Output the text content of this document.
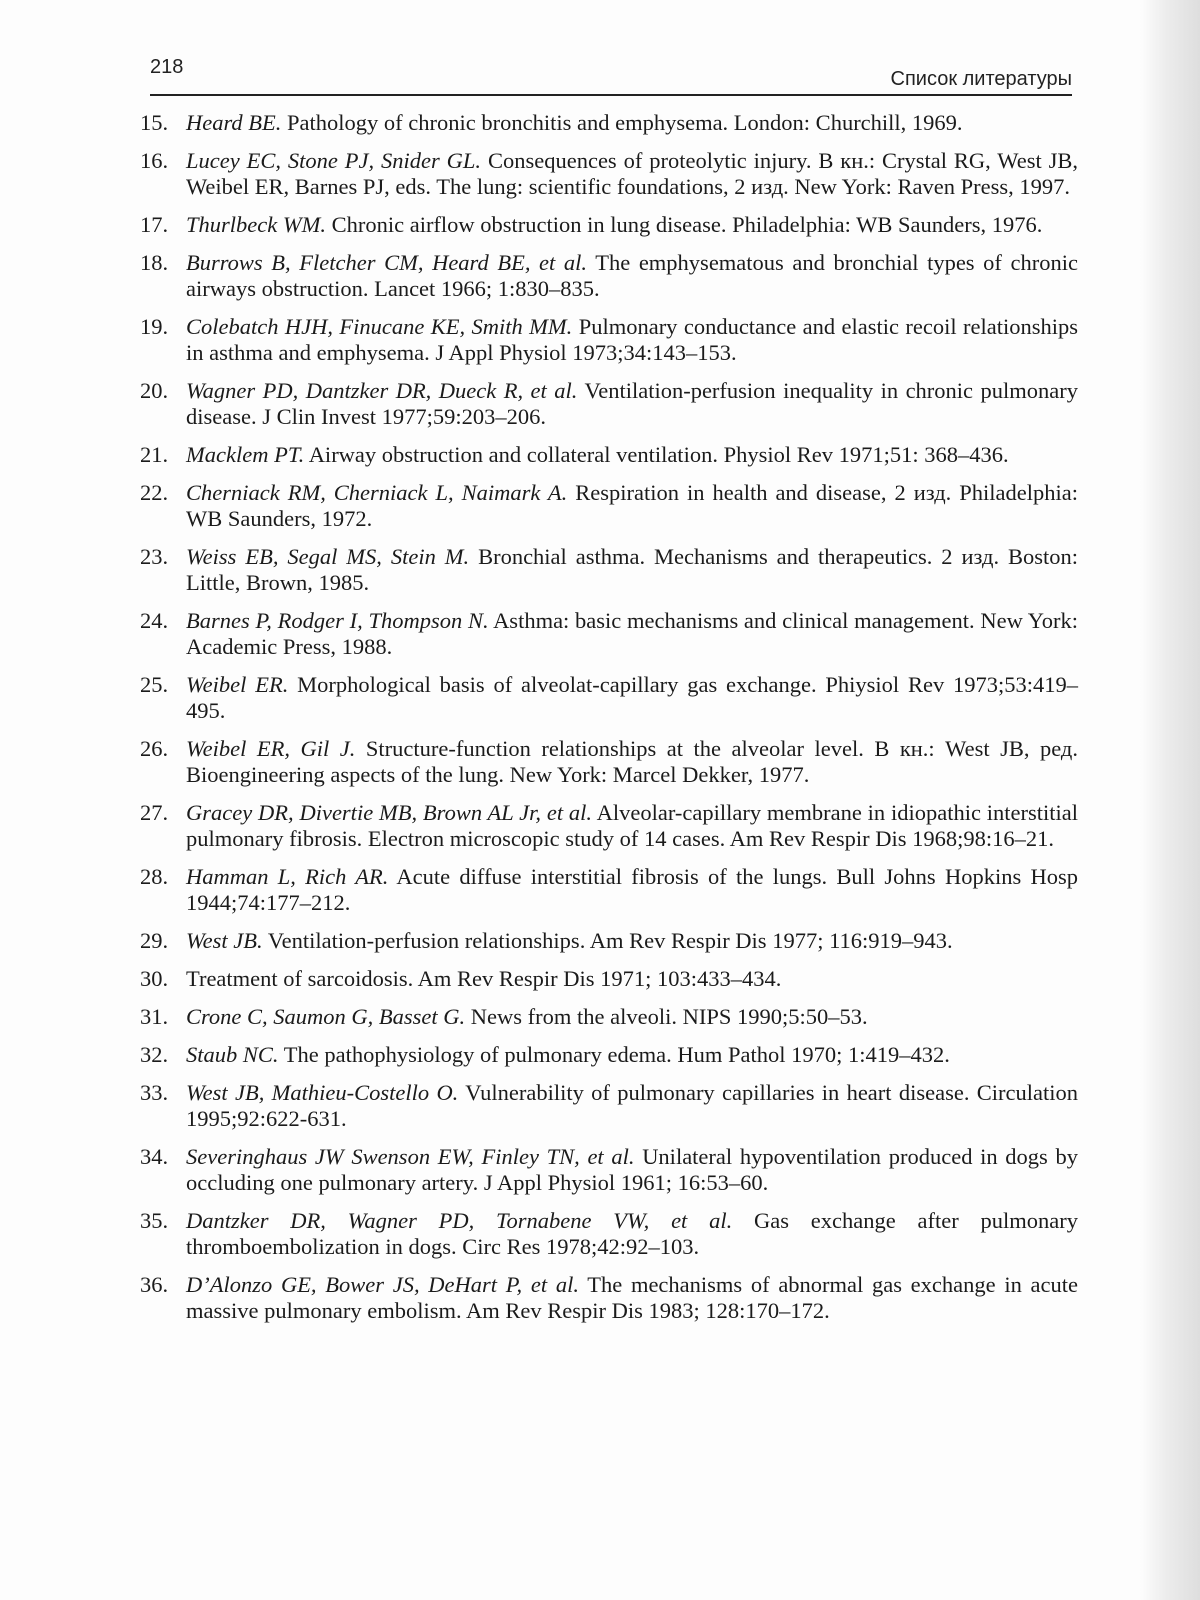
218
Список литературы
15. Heard BE. Pathology of chronic bronchitis and emphysema. London: Churchill, 1969.
16. Lucey EC, Stone PJ, Snider GL. Consequences of proteolytic injury. В кн.: Crystal RG, West JB, Weibel ER, Barnes PJ, eds. The lung: scientific foundations, 2 изд. New York: Raven Press, 1997.
17. Thurlbeck WM. Chronic airflow obstruction in lung disease. Philadelphia: WB Saunders, 1976.
18. Burrows B, Fletcher CM, Heard BE, et al. The emphysematous and bronchial types of chronic airways obstruction. Lancet 1966; 1:830–835.
19. Colebatch HJH, Finucane KE, Smith MM. Pulmonary conductance and elastic recoil relationships in asthma and emphysema. J Appl Physiol 1973;34:143–153.
20. Wagner PD, Dantzker DR, Dueck R, et al. Ventilation-perfusion inequality in chronic pulmonary disease. J Clin Invest 1977;59:203–206.
21. Macklem PT. Airway obstruction and collateral ventilation. Physiol Rev 1971;51: 368–436.
22. Cherniack RM, Cherniack L, Naimark A. Respiration in health and disease, 2 изд. Philadelphia: WB Saunders, 1972.
23. Weiss EB, Segal MS, Stein M. Bronchial asthma. Mechanisms and therapeutics. 2 изд. Boston: Little, Brown, 1985.
24. Barnes P, Rodger I, Thompson N. Asthma: basic mechanisms and clinical management. New York: Academic Press, 1988.
25. Weibel ER. Morphological basis of alveolat-capillary gas exchange. Phiysiol Rev 1973;53:419–495.
26. Weibel ER, Gil J. Structure-function relationships at the alveolar level. В кн.: West JB, ред. Bioengineering aspects of the lung. New York: Marcel Dekker, 1977.
27. Gracey DR, Divertie MB, Brown AL Jr, et al. Alveolar-capillary membrane in idiopathic interstitial pulmonary fibrosis. Electron microscopic study of 14 cases. Am Rev Respir Dis 1968;98:16–21.
28. Hamman L, Rich AR. Acute diffuse interstitial fibrosis of the lungs. Bull Johns Hopkins Hosp 1944;74:177–212.
29. West JB. Ventilation-perfusion relationships. Am Rev Respir Dis 1977; 116:919–943.
30. Treatment of sarcoidosis. Am Rev Respir Dis 1971; 103:433–434.
31. Crone C, Saumon G, Basset G. News from the alveoli. NIPS 1990;5:50–53.
32. Staub NC. The pathophysiology of pulmonary edema. Hum Pathol 1970; 1:419–432.
33. West JB, Mathieu-Costello O. Vulnerability of pulmonary capillaries in heart disease. Circulation 1995;92:622-631.
34. Severinghaus JW Swenson EW, Finley TN, et al. Unilateral hypoventilation produced in dogs by occluding one pulmonary artery. J Appl Physiol 1961; 16:53–60.
35. Dantzker DR, Wagner PD, Tornabene VW, et al. Gas exchange after pulmonary thromboembolization in dogs. Circ Res 1978;42:92–103.
36. D’Alonzo GE, Bower JS, DeHart P, et al. The mechanisms of abnormal gas exchange in acute massive pulmonary embolism. Am Rev Respir Dis 1983; 128:170–172.
